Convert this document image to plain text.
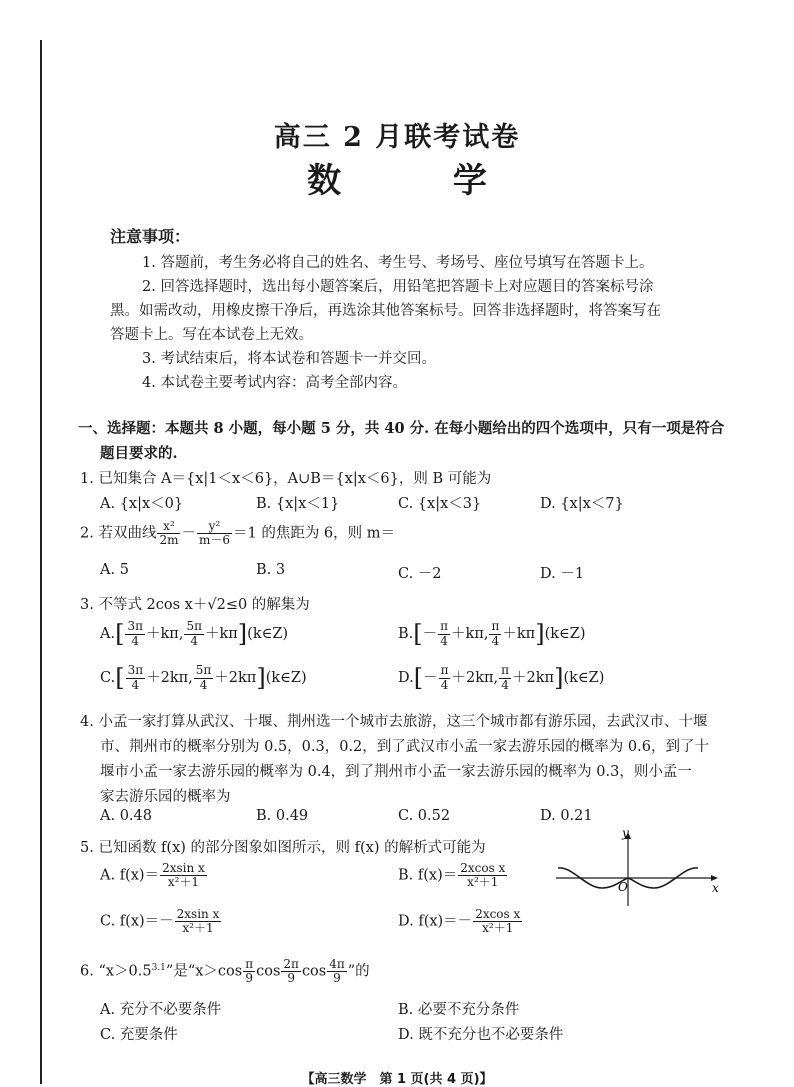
高三 2 月联考试卷
数 学
注意事项：
1. 答题前，考生务必将自己的姓名、考生号、考场号、座位号填写在答题卡上。
2. 回答选择题时，选出每小题答案后，用铅笔把答题卡上对应题目的答案标号涂
黑。如需改动，用橡皮擦干净后，再选涂其他答案标号。回答非选择题时，将答案写在
答题卡上。写在本试卷上无效。
3. 考试结束后，将本试卷和答题卡一并交回。
4. 本试卷主要考试内容：高考全部内容。
一、选择题：本题共 8 小题，每小题 5 分，共 40 分. 在每小题给出的四个选项中，只有一项是符合
题目要求的.
1. 已知集合 A＝{x|1＜x＜6}，A∪B＝{x|x＜6}，则 B 可能为
A. {x|x＜0}	B. {x|x＜1}	C. {x|x＜3}	D. {x|x＜7}
2. 若双曲线 $\frac{\text{x²}}{2m} - \frac{\text{y²}}{m-6} =1$ 的焦距为 6，则 m＝
A. 5	B. 3	C. －2	D. －1
3. 不等式 2cos x＋√2≤0 的解集为
$A.[ \frac{3\pi}{4} +k\pi$, $\frac{5\pi}{4}$ ＋kπ](k∈Z)	$B.[- \frac{\pi}{4} +k\pi$, $\frac{\pi}{4}$ ＋kπ](k∈Z)
$C.[ \frac{3\pi}{4} +2k\pi$, $\frac{5\pi}{4}$ ＋2kπ](k∈Z)	$D.[- \frac{\pi}{4} +2k\pi$, $\frac{\pi}{4}$ ＋2kπ](k∈Z)
4. 小孟一家打算从武汉、十堰、荆州选一个城市去旅游，这三个城市都有游乐园，去武汉市、十堰
市、荆州市的概率分别为 0.5，0.3，0.2，到了武汉市小孟一家去游乐园的概率为 0.6，到了十
堰市小孟一家去游乐园的概率为 0.4，到了荆州市小孟一家去游乐园的概率为 0.3，则小孟一
家去游乐园的概率为
A. 0.48	B. 0.49	C. 0.52	D. 0.21
5. 已知函数 f(x) 的部分图象如图所示，则 f(x) 的解析式可能为
A. $f(x)= \frac{\text{2xsin x}}{\text{x²＋1}}$	B. $f(x)= \frac{\text{2xcos x}}{\text{x²＋1}}$
C. $f(x)=- \frac{\text{2xsin x}}{\text{x²＋1}}$	D. $f(x)=- \frac{\text{2xcos x}}{\text{x²＋1}}$
y
x
O
6. “$x>0.5^{3.1}$”是“$x>\cos \frac{\pi}{9}$ $\cos \frac{2\pi}{9}$ $\cos \frac{4\pi}{9}$ ”的
A. 充分不必要条件	B. 必要不充分条件
C. 充要条件	D. 既不充分也不必要条件
【高三数学　第 1 页(共 4 页)】
